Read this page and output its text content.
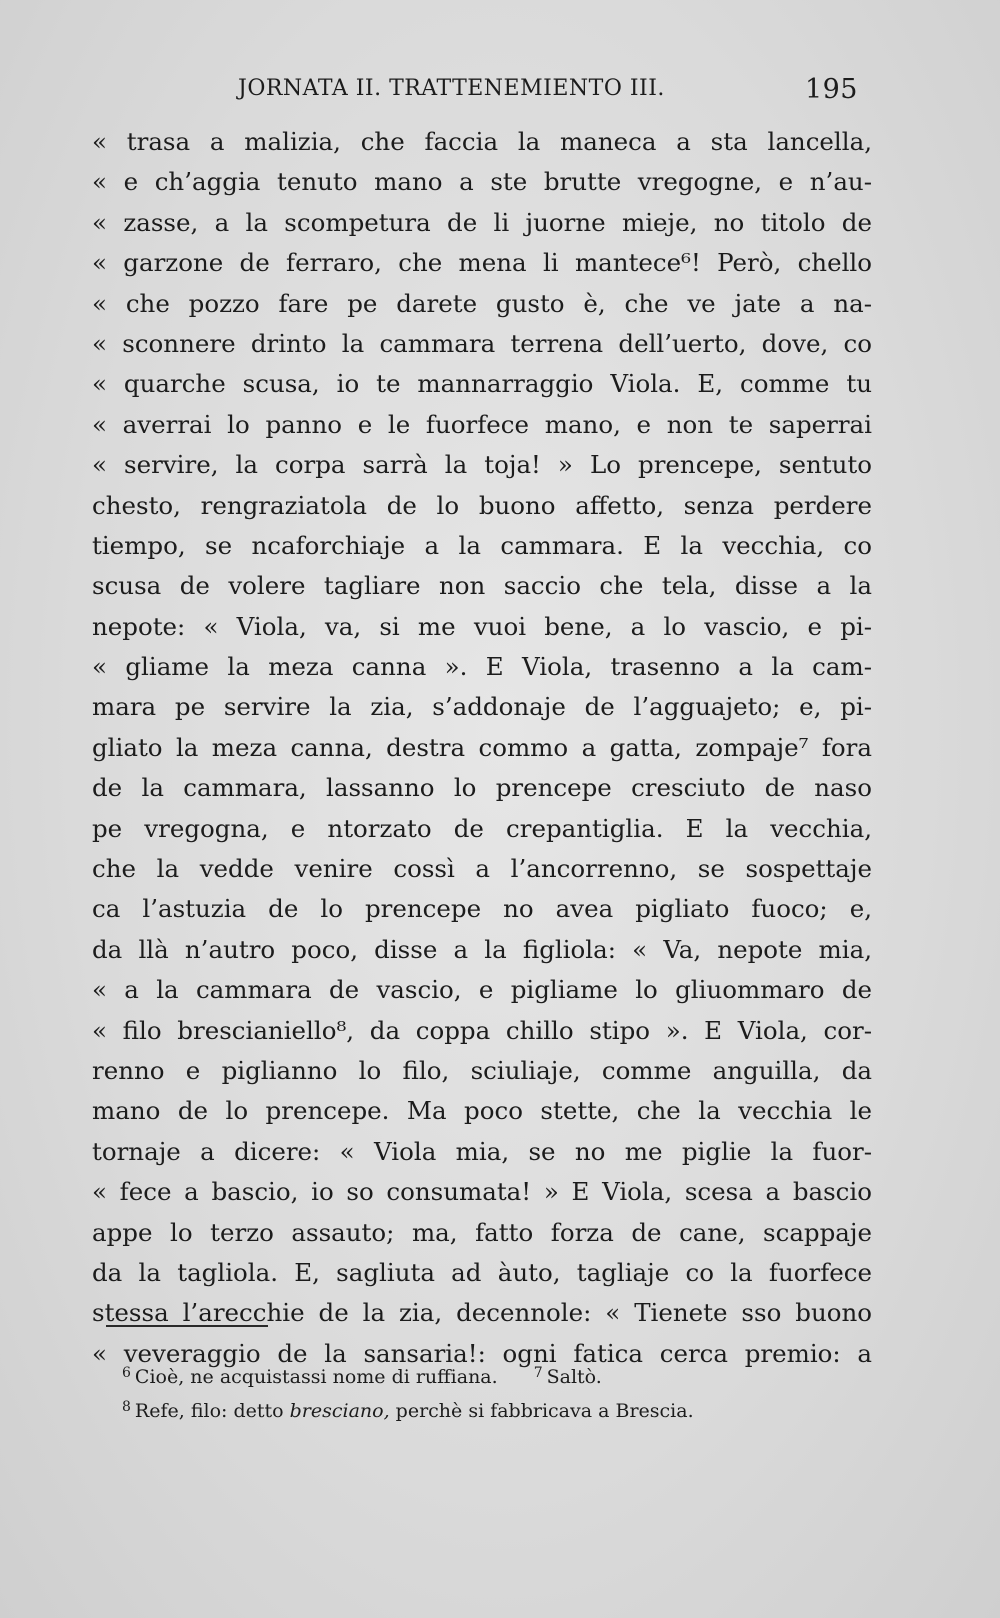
JORNATA II. TRATTENEMIENTO III.	195
« trasa a malizia, che faccia la maneca a sta lancella,
« e ch’aggia tenuto mano a ste brutte vregogne, e n’au-
« zasse, a la scompetura de li juorne mieje, no titolo de
« garzone de ferraro, che mena li mantece⁶! Però, chello
« che pozzo fare pe darete gusto è, che ve jate a na-
« sconnere drinto la cammara terrena dell’uerto, dove, co
« quarche scusa, io te mannarraggio Viola. E, comme tu
« averrai lo panno e le fuorfece mano, e non te saperrai
« servire, la corpa sarrà la toja! » Lo prencepe, sentuto
chesto, rengraziatola de lo buono affetto, senza perdere
tiempo, se ncaforchiaje a la cammara. E la vecchia, co
scusa de volere tagliare non saccio che tela, disse a la
nepote: « Viola, va, si me vuoi bene, a lo vascio, e pi-
« gliame la meza canna ». E Viola, trasenno a la cam-
mara pe servire la zia, s’addonaje de l’agguajeto; e, pi-
gliato la meza canna, destra commo a gatta, zompaje⁷ fora
de la cammara, lassanno lo prencepe cresciuto de naso
pe vregogna, e ntorzato de crepantiglia. E la vecchia,
che la vedde venire cossì a l’ancorrenno, se sospettaje
ca l’astuzia de lo prencepe no avea pigliato fuoco; e,
da llà n’autro poco, disse a la figliola: « Va, nepote mia,
« a la cammara de vascio, e pigliame lo gliuommaro de
« filo brescianiello⁸, da coppa chillo stipo ». E Viola, cor-
renno e piglianno lo filo, sciuliaje, comme anguilla, da
mano de lo prencepe. Ma poco stette, che la vecchia le
tornaje a dicere: « Viola mia, se no me piglie la fuor-
« fece a bascio, io so consumata! » E Viola, scesa a bascio
appe lo terzo assauto; ma, fatto forza de cane, scappaje
da la tagliola. E, sagliuta ad àuto, tagliaje co la fuorfece
stessa l’arecchie de la zia, decennole: « Tienete sso buono
« veveraggio de la sansaria!: ogni fatica cerca premio: a
$^6$ Cioè, ne acquistassi nome di ruffiana.	$^7$ Saltò.
$^8$ Refe, filo: detto bresciano, perchè si fabbricava a Brescia.
